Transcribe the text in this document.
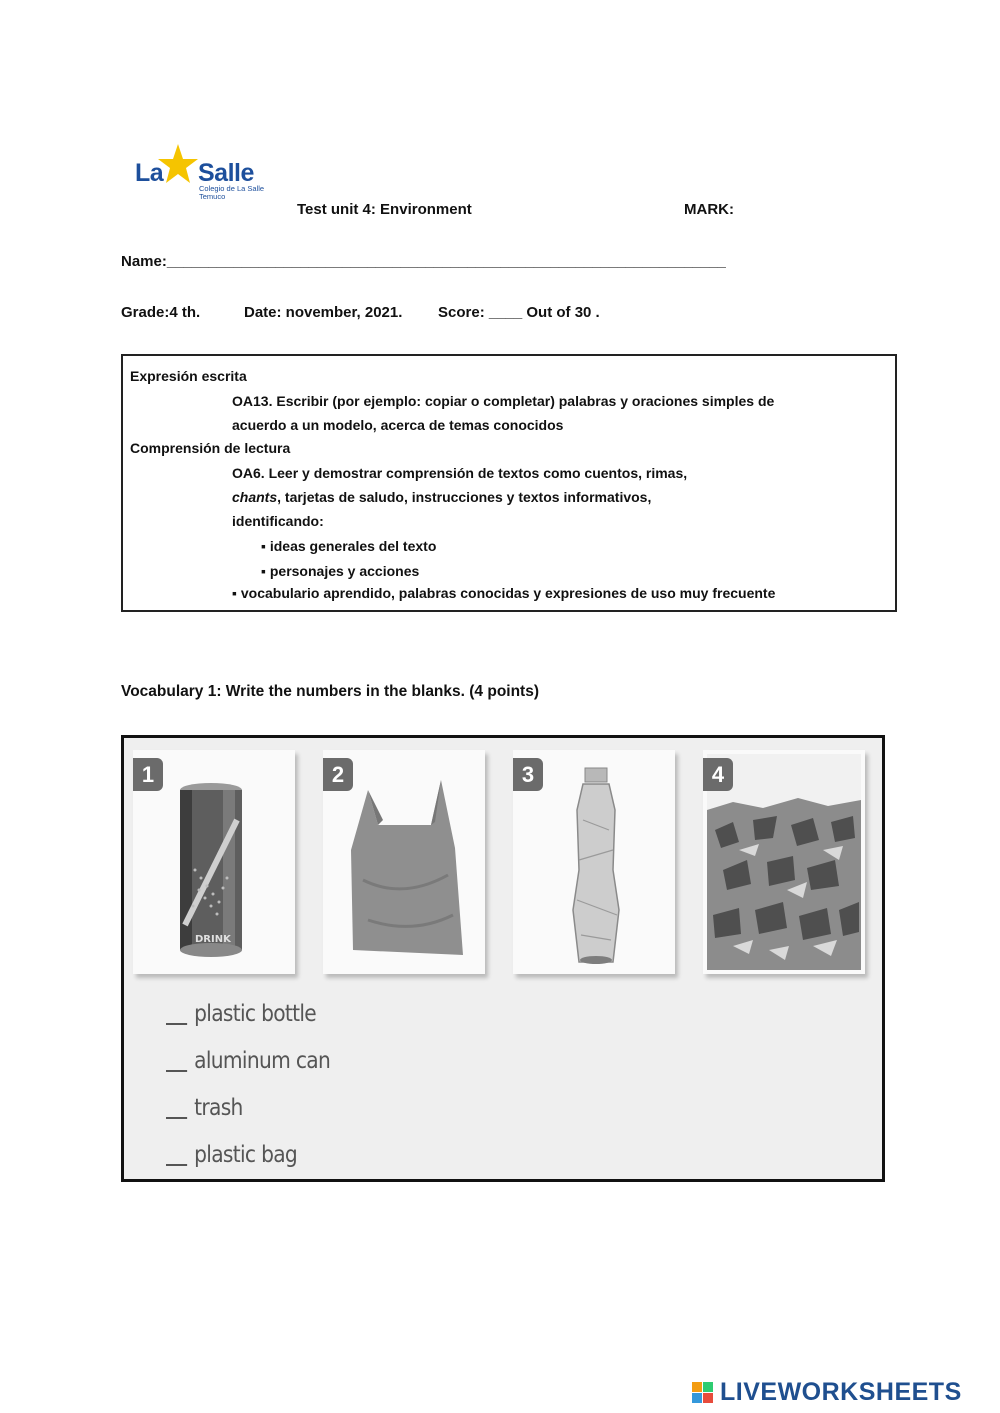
La Salle
Colegio de La Salle
Temuco
Test unit 4: Environment	MARK:
Name:___________________________________________________________________
Grade:4 th.	Date: november, 2021. Score: ____ Out of 30 .
Expresión escrita
OA13. Escribir (por ejemplo: copiar o completar) palabras y oraciones simples de
acuerdo a un modelo, acerca de temas conocidos
Comprensión de lectura
OA6. Leer y demostrar comprensión de textos como cuentos, rimas,
chants, tarjetas de saludo, instrucciones y textos informativos,
identificando:
▪ ideas generales del texto
▪ personajes y acciones
▪ vocabulario aprendido, palabras conocidas y expresiones de uso muy frecuente
Vocabulary 1: Write the numbers in the blanks. (4 points)
DRINK
1	2	3	4
plastic bottle
aluminum can
trash
plastic bag
LIVEWORKSHEETS
